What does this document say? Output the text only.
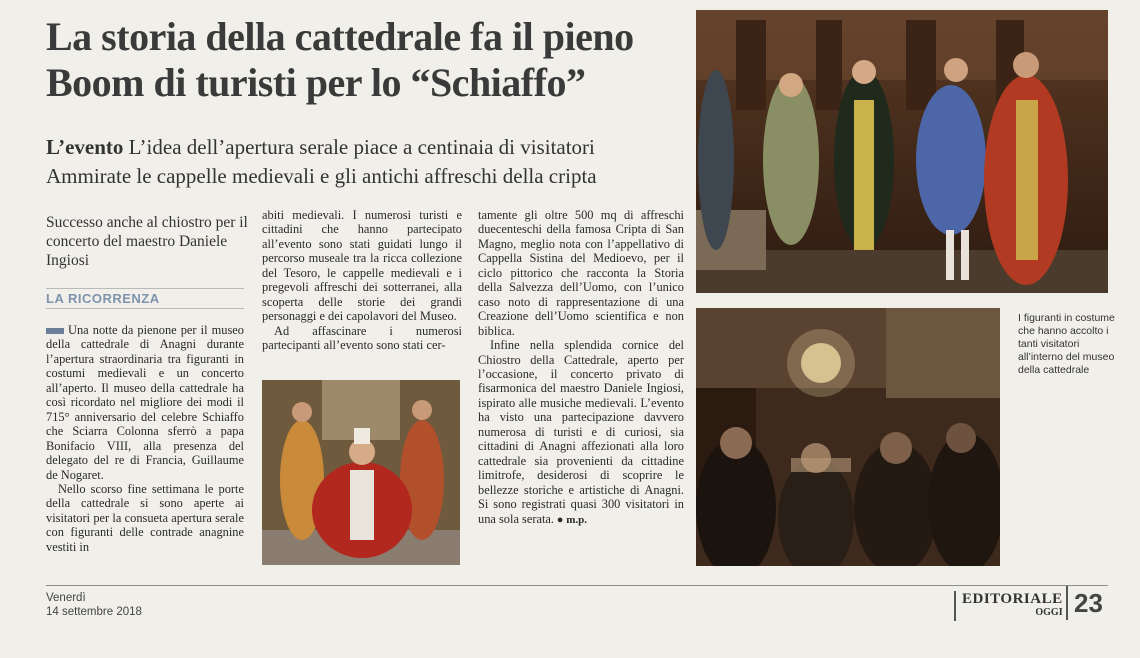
La storia della cattedrale fa il pieno
Boom di turisti per lo “Schiaffo”
L’evento L’idea dell’apertura serale piace a centinaia di visitatori
Ammirate le cappelle medievali e gli antichi affreschi della cripta
Successo anche al chiostro per il concerto del maestro Daniele Ingiosi
LA RICORRENZA

Una notte da pienone per il museo della cattedrale di Anagni durante l’apertura straordinaria tra figuranti in costumi medievali e un concerto all’aperto. Il museo della cattedrale ha così ricordato nel migliore dei modi il 715° anniversario del celebre Schiaffo che Sciarra Colonna sferrò a papa Bonifacio VIII, alla presenza del delegato del re di Francia, Guillaume de Nogaret.

Nello scorso fine settimana le porte della cattedrale si sono aperte ai visitatori per la consueta apertura serale con figuranti delle contrade anagnine vestiti in

abiti medievali. I numerosi turisti e cittadini che hanno partecipato all’evento sono stati guidati lungo il percorso museale tra la ricca collezione del Tesoro, le cappelle medievali e i pregevoli affreschi dei sotterranei, alla scoperta delle storie dei grandi personaggi e dei capolavori del Museo.

Ad affascinare i numerosi partecipanti all’evento sono stati cer-

tamente gli oltre 500 mq di affreschi duecenteschi della famosa Cripta di San Magno, meglio nota con l’appellativo di Cappella Sistina del Medioevo, per il ciclo pittorico che racconta la Storia della Salvezza dell’Uomo, con l’unico caso noto di rappresentazione di una Creazione dell’Uomo scientifica e non biblica.

Infine nella splendida cornice del Chiostro della Cattedrale, aperto per l’occasione, il concerto privato di fisarmonica del maestro Daniele Ingiosi, ispirato alle musiche medievali. L’evento ha visto una partecipazione davvero numerosa di turisti e di curiosi, sia cittadini di Anagni affezionati alla loro cattedrale sia provenienti da cittadine limitrofe, desiderosi di scoprire le bellezze storiche e artistiche di Anagni. Si sono registrati quasi 300 visitatori in una sola serata. ● m.p.

I figuranti in costume che hanno accolto i tanti visitatori all’interno del museo della cattedrale
Venerdì
14 settembre 2018
EDITORIALE
OGGI 23
